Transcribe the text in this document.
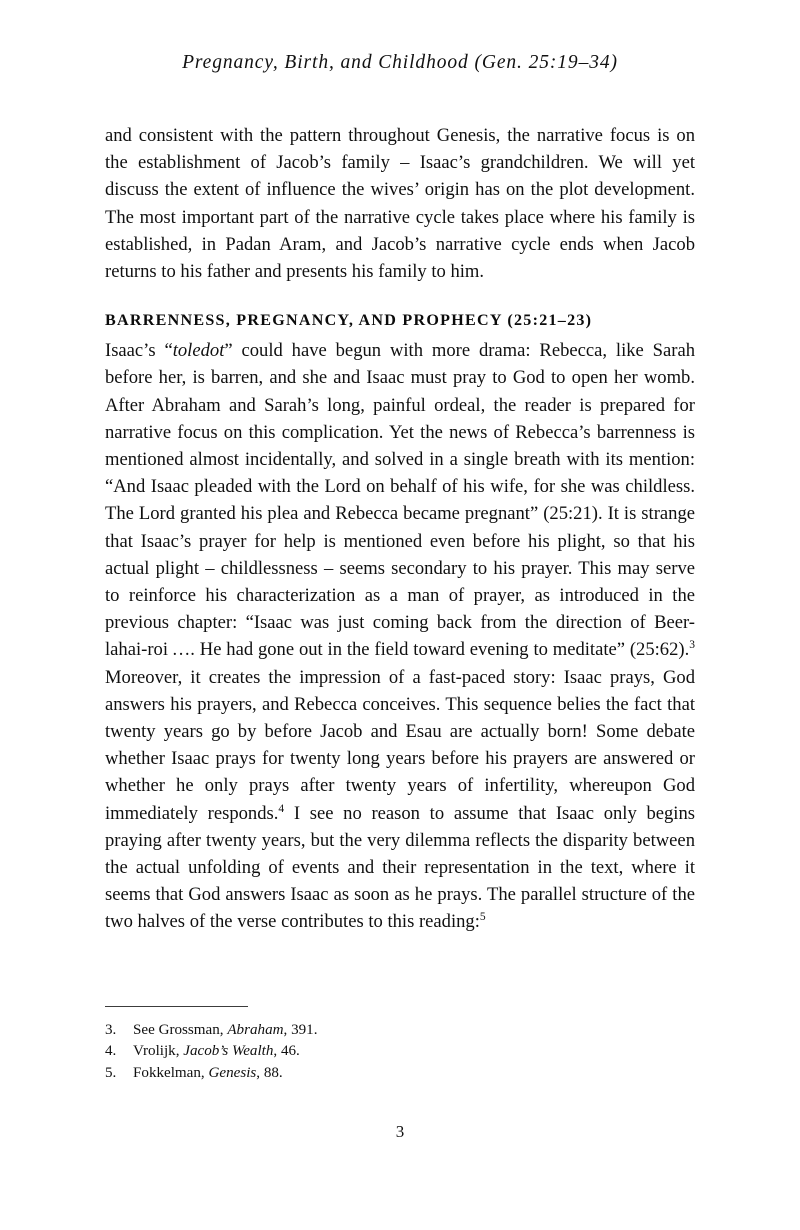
Pregnancy, Birth, and Childhood (Gen. 25:19–34)

and consistent with the pattern throughout Genesis, the narrative focus is on the establishment of Jacob’s family – Isaac’s grandchildren. We will yet discuss the extent of influence the wives’ origin has on the plot development. The most important part of the narrative cycle takes place where his family is established, in Padan Aram, and Jacob’s narrative cycle ends when Jacob returns to his father and presents his family to him.

BARRENNESS, PREGNANCY, AND PROPHECY (25:21–23)

Isaac’s “toledot” could have begun with more drama: Rebecca, like Sarah before her, is barren, and she and Isaac must pray to God to open her womb. After Abraham and Sarah’s long, painful ordeal, the reader is prepared for narrative focus on this complication. Yet the news of Rebecca’s barrenness is mentioned almost incidentally, and solved in a single breath with its mention: “And Isaac pleaded with the Lord on behalf of his wife, for she was childless. The Lord granted his plea and Rebecca became pregnant” (25:21). It is strange that Isaac’s prayer for help is mentioned even before his plight, so that his actual plight – childlessness – seems secondary to his prayer. This may serve to reinforce his characterization as a man of prayer, as introduced in the previous chapter: “Isaac was just coming back from the direction of Beer-lahai-roi …. He had gone out in the field toward evening to meditate” (25:62).$^3$ Moreover, it creates the impression of a fast-paced story: Isaac prays, God answers his prayers, and Rebecca conceives. This sequence belies the fact that twenty years go by before Jacob and Esau are actually born! Some debate whether Isaac prays for twenty long years before his prayers are answered or whether he only prays after twenty years of infertility, whereupon God immediately responds.$^4$ I see no reason to assume that Isaac only begins praying after twenty years, but the very dilemma reflects the disparity between the actual unfolding of events and their representation in the text, where it seems that God answers Isaac as soon as he prays. The parallel structure of the two halves of the verse contributes to this reading:$^5$

3.	See Grossman, Abraham, 391.
4.	Vrolijk, Jacob’s Wealth, 46.
5.	Fokkelman, Genesis, 88.
3
